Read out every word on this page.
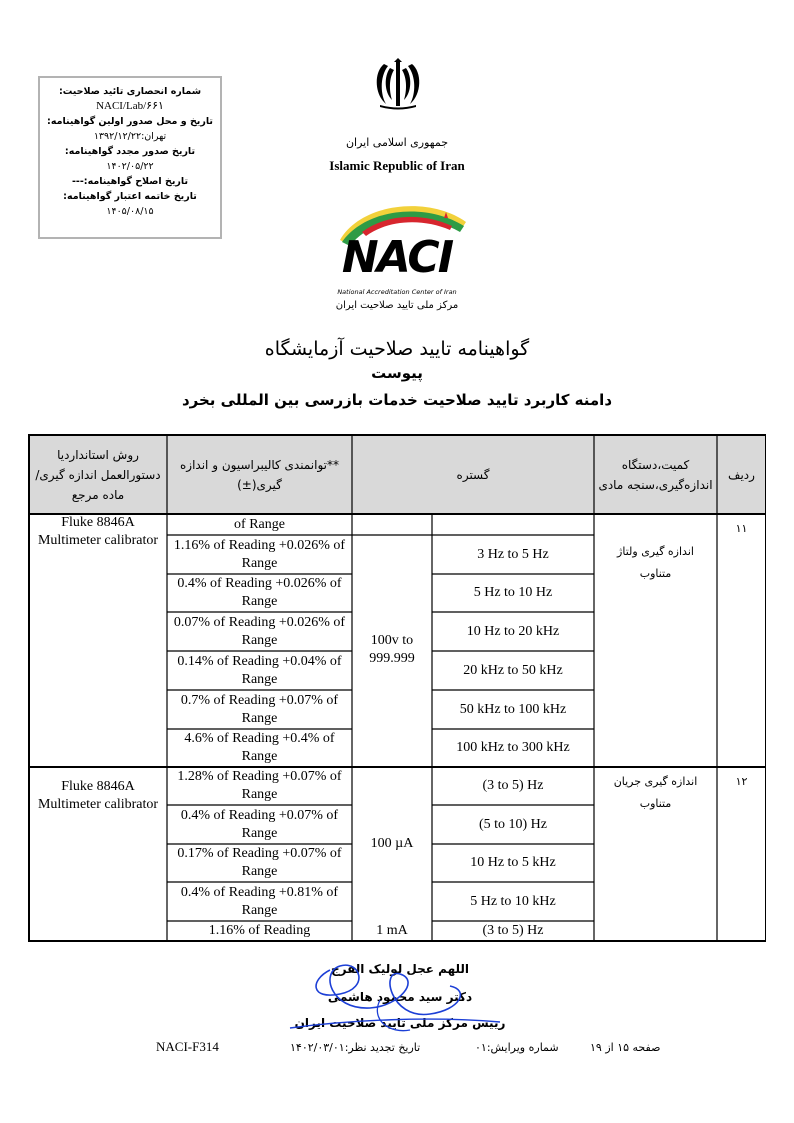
شماره انحصاری تائید صلاحیت:
NACI/Lab/۶۶۱
تاریخ و محل صدور اولین گواهینامه:
تهران:۱۳۹۲/۱۲/۲۲
تاریخ صدور مجدد گواهینامه:
۱۴۰۲/۰۵/۲۲
تاریخ اصلاح گواهینامه:---
تاریخ خاتمه اعتبار گواهینامه:
۱۴۰۵/۰۸/۱۵
جمهوری اسلامی ایران
Islamic Republic of Iran
NACI
National Accreditation Center of Iran
مرکز ملی تایید صلاحیت ایران
گواهینامه تایید صلاحیت آزمایشگاه
پیوست
دامنه کاربرد تایید صلاحیت خدمات بازرسی بین المللی بخرد
ردیف
کمیت،دستگاه اندازه‌گیری،سنجه مادی
گستره
**توانمندی کالیبراسیون و اندازه گیری(±)
روش استانداردیا دستورالعمل اندازه گیری/ماده مرجع
۱۱
اندازه گیری ولتاژ متناوب
Fluke 8846A Multimeter calibrator
100v to 999.999
of Range
1.16% of Reading +0.026% of Range
3 Hz to 5 Hz
0.4% of Reading +0.026% of Range
5 Hz to 10 Hz
0.07% of Reading +0.026% of Range
10 Hz to 20 kHz
0.14% of Reading +0.04% of Range
20 kHz to 50 kHz
0.7% of Reading +0.07% of Range
50 kHz to 100 kHz
4.6% of Reading +0.4% of Range
100 kHz to 300 kHz
۱۲
اندازه گیری جریان متناوب
Fluke 8846A Multimeter calibrator
100 µA
1 mA
1.28% of Reading +0.07% of Range
(3 to 5) Hz
0.4% of Reading +0.07% of Range
(5 to 10) Hz
0.17% of Reading +0.07% of Range
10 Hz to 5 kHz
0.4% of Reading +0.81% of Range
5 Hz to 10 kHz
1.16% of Reading	(3 to 5) Hz
اللهم عجل لولیک الفرج
دکتر سید محمود هاشمی
رییس مرکز ملی تایید صلاحیت ایران
صفحه ۱۵ از ۱۹
شماره ویرایش:۰۱
تاریخ تجدید نظر:۱۴۰۲/۰۳/۰۱
NACI-F314
